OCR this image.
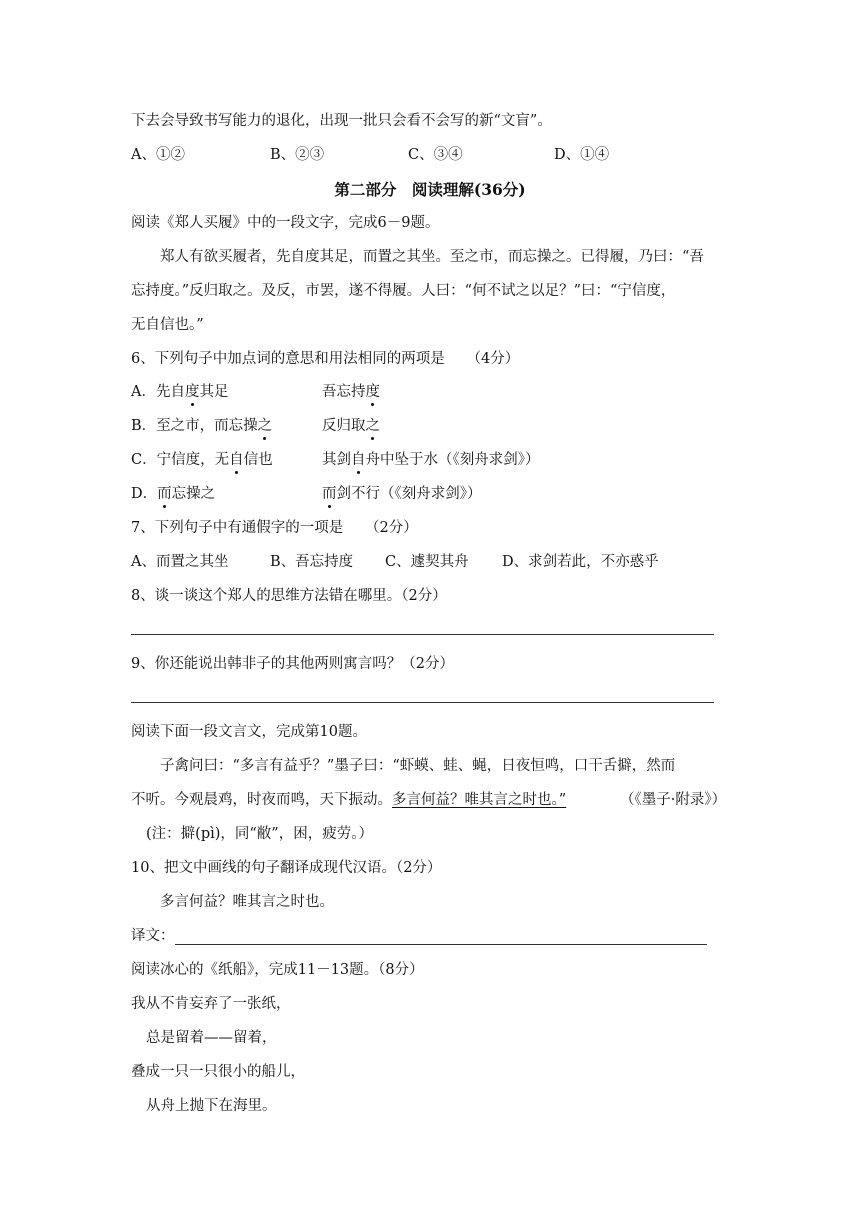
下去会导致书写能力的退化，出现一批只会看不会写的新“文盲”。
A、①②	B、②③	C、③④	D、①④
第二部分　阅读理解(36分)
阅读《郑人买履》中的一段文字，完成6－9题。
郑人有欲买履者，先自度其足，而置之其坐。至之市，而忘操之。已得履，乃曰：“吾
忘持度。”反归取之。及反，市罢，遂不得履。人曰：“何不试之以足？”曰：“宁信度，
无自信也。”
6、下列句子中加点词的意思和用法相同的两项是　　（4分）
A．先自度其足	吾忘持度
B．至之市，而忘操之	反归取之
C．宁信度，无自信也	其剑自舟中坠于水（《刻舟求剑》）
D．而忘操之	而剑不行（《刻舟求剑》）
7、下列句子中有通假字的一项是　　（2分）
A、而置之其坐	B、吾忘持度 C、遽契其舟 D、求剑若此，不亦惑乎
8、谈一谈这个郑人的思维方法错在哪里。（2分）
9、你还能说出韩非子的其他两则寓言吗？（2分）
阅读下面一段文言文，完成第10题。
子禽问曰：“多言有益乎？”墨子曰：“虾蟆、蛙、蝇，日夜恒鸣，口干舌擗，然而
不听。今观晨鸡，时夜而鸣，天下振动。多言何益？唯其言之时也。”	（《墨子·附录》）
(注：擗(pì)，同“敝”，困，疲劳。）
10、把文中画线的句子翻译成现代汉语。（2分）
多言何益？唯其言之时也。
译文：
阅读冰心的《纸船》，完成11－13题。（8分）
我从不肯妄弃了一张纸，
总是留着——留着，
叠成一只一只很小的船儿，
从舟上抛下在海里。
